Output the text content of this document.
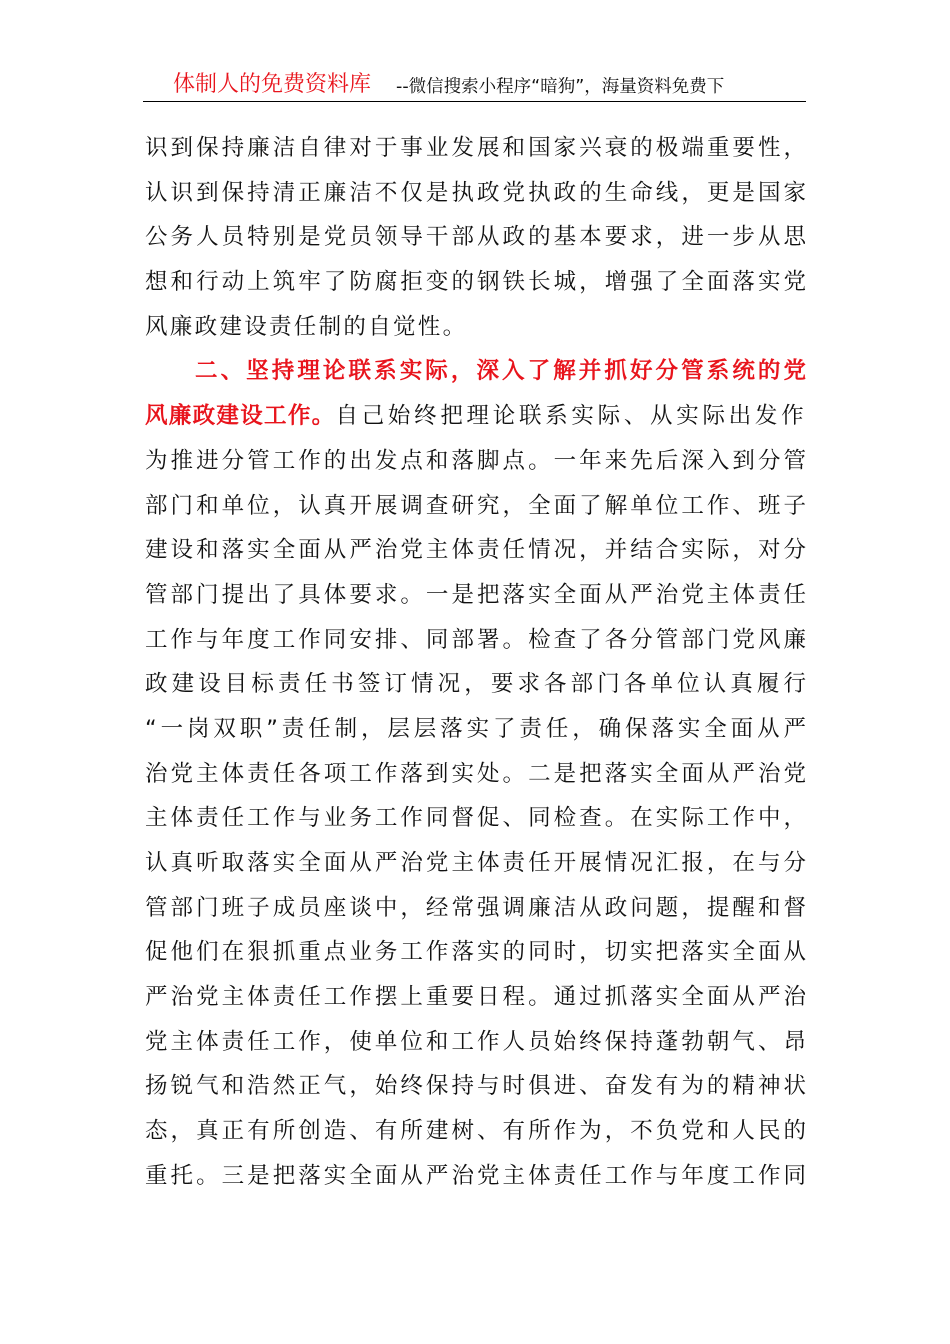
体制人的免费资料库 --微信搜索小程序“暗狗”，海量资料免费下
识到保持廉洁自律对于事业发展和国家兴衰的极端重要性，
认识到保持清正廉洁不仅是执政党执政的生命线，更是国家
公务人员特别是党员领导干部从政的基本要求，进一步从思
想和行动上筑牢了防腐拒变的钢铁长城，增强了全面落实党
风廉政建设责任制的自觉性。
二、坚持理论联系实际，深入了解并抓好分管系统的党
风廉政建设工作。自己始终把理论联系实际、从实际出发作
为推进分管工作的出发点和落脚点。一年来先后深入到分管
部门和单位，认真开展调查研究，全面了解单位工作、班子
建设和落实全面从严治党主体责任情况，并结合实际，对分
管部门提出了具体要求。一是把落实全面从严治党主体责任
工作与年度工作同安排、同部署。检查了各分管部门党风廉
政建设目标责任书签订情况，要求各部门各单位认真履行
“一岗双职”责任制，层层落实了责任，确保落实全面从严
治党主体责任各项工作落到实处。二是把落实全面从严治党
主体责任工作与业务工作同督促、同检查。在实际工作中，
认真听取落实全面从严治党主体责任开展情况汇报，在与分
管部门班子成员座谈中，经常强调廉洁从政问题，提醒和督
促他们在狠抓重点业务工作落实的同时，切实把落实全面从
严治党主体责任工作摆上重要日程。通过抓落实全面从严治
党主体责任工作，使单位和工作人员始终保持蓬勃朝气、昂
扬锐气和浩然正气，始终保持与时俱进、奋发有为的精神状
态，真正有所创造、有所建树、有所作为，不负党和人民的
重托。三是把落实全面从严治党主体责任工作与年度工作同
